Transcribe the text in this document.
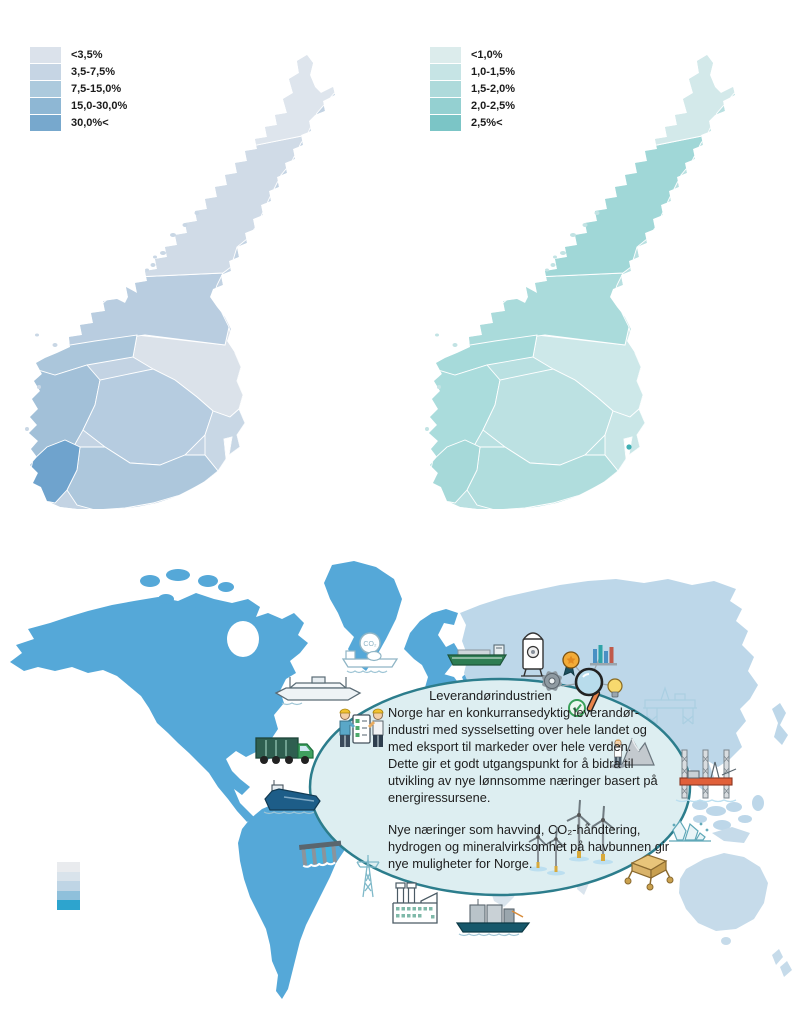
<3,5%
3,5-7,5%
7,5-15,0%
15,0-30,0%
30,0%<
<1,0%
1,0-1,5%
1,5-2,0%
2,0-2,5%
2,5%<
CO₂
Leverandørindustrien
Norge har en konkurransedyktig leverandør-
industri med sysselsetting over hele landet og
med eksport til markeder over hele verden.
Dette gir et godt utgangspunkt for å bidra til
utvikling av nye lønnsomme næringer basert på
energiressursene.
Nye næringer som havvind, CO₂-håndtering,
hydrogen og mineralvirksomhet på havbunnen gir
nye muligheter for Norge.
